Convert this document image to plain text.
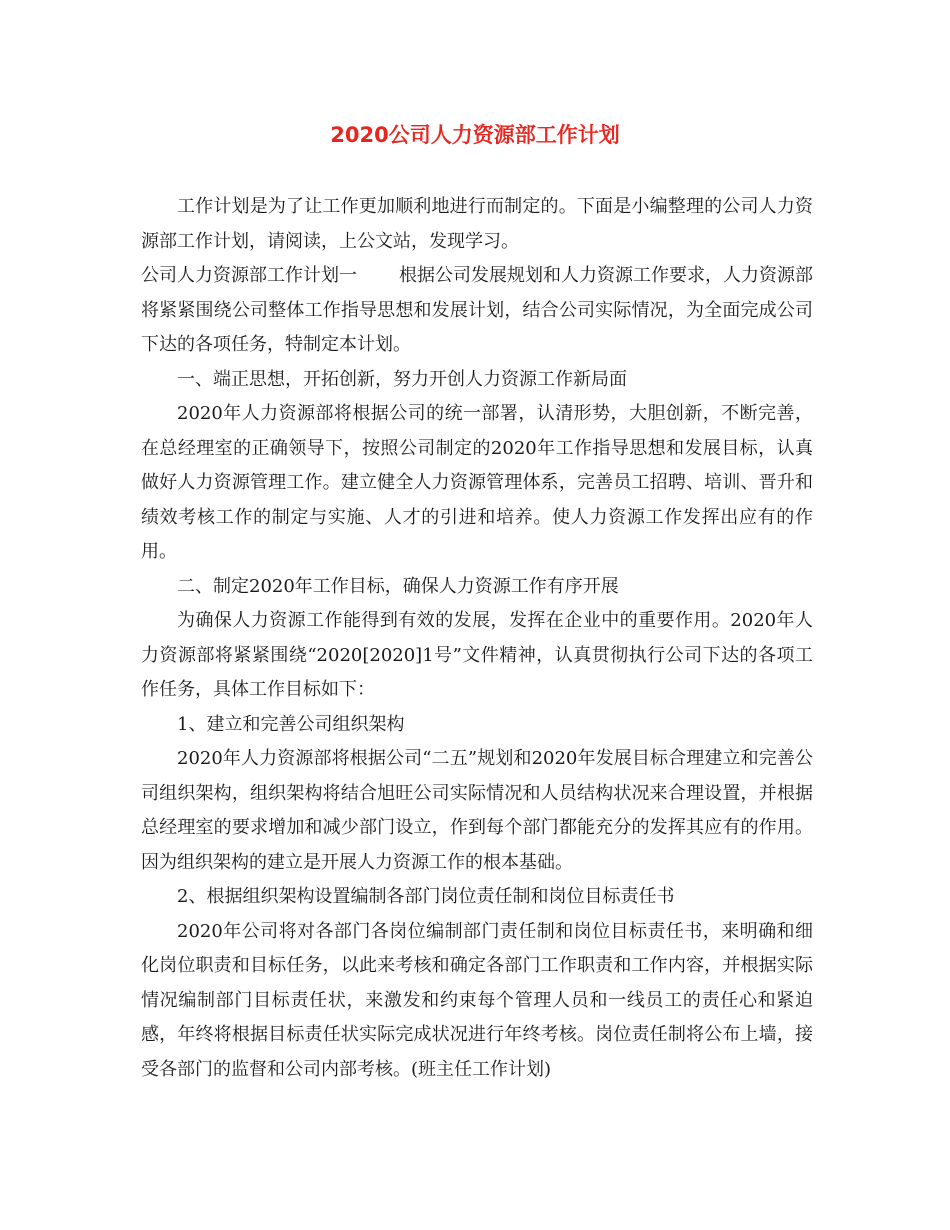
2020公司人力资源部工作计划

工作计划是为了让工作更加顺利地进行而制定的。下面是小编整理的公司人力资源部工作计划，请阅读，上公文站，发现学习。

公司人力资源部工作计划一 根据公司发展规划和人力资源工作要求，人力资源部将紧紧围绕公司整体工作指导思想和发展计划，结合公司实际情况，为全面完成公司下达的各项任务，特制定本计划。

一、端正思想，开拓创新，努力开创人力资源工作新局面

2020年人力资源部将根据公司的统一部署，认清形势，大胆创新，不断完善，在总经理室的正确领导下，按照公司制定的2020年工作指导思想和发展目标，认真做好人力资源管理工作。建立健全人力资源管理体系，完善员工招聘、培训、晋升和绩效考核工作的制定与实施、人才的引进和培养。使人力资源工作发挥出应有的作用。

二、制定2020年工作目标，确保人力资源工作有序开展

为确保人力资源工作能得到有效的发展，发挥在企业中的重要作用。2020年人力资源部将紧紧围绕“2020[2020]1号”文件精神，认真贯彻执行公司下达的各项工作任务，具体工作目标如下：

1、建立和完善公司组织架构

2020年人力资源部将根据公司“二五”规划和2020年发展目标合理建立和完善公司组织架构，组织架构将结合旭旺公司实际情况和人员结构状况来合理设置，并根据总经理室的要求增加和减少部门设立，作到每个部门都能充分的发挥其应有的作用。因为组织架构的建立是开展人力资源工作的根本基础。

2、根据组织架构设置编制各部门岗位责任制和岗位目标责任书

2020年公司将对各部门各岗位编制部门责任制和岗位目标责任书，来明确和细化岗位职责和目标任务，以此来考核和确定各部门工作职责和工作内容，并根据实际情况编制部门目标责任状，来激发和约束每个管理人员和一线员工的责任心和紧迫感，年终将根据目标责任状实际完成状况进行年终考核。岗位责任制将公布上墙，接受各部门的监督和公司内部考核。(班主任工作计划)
